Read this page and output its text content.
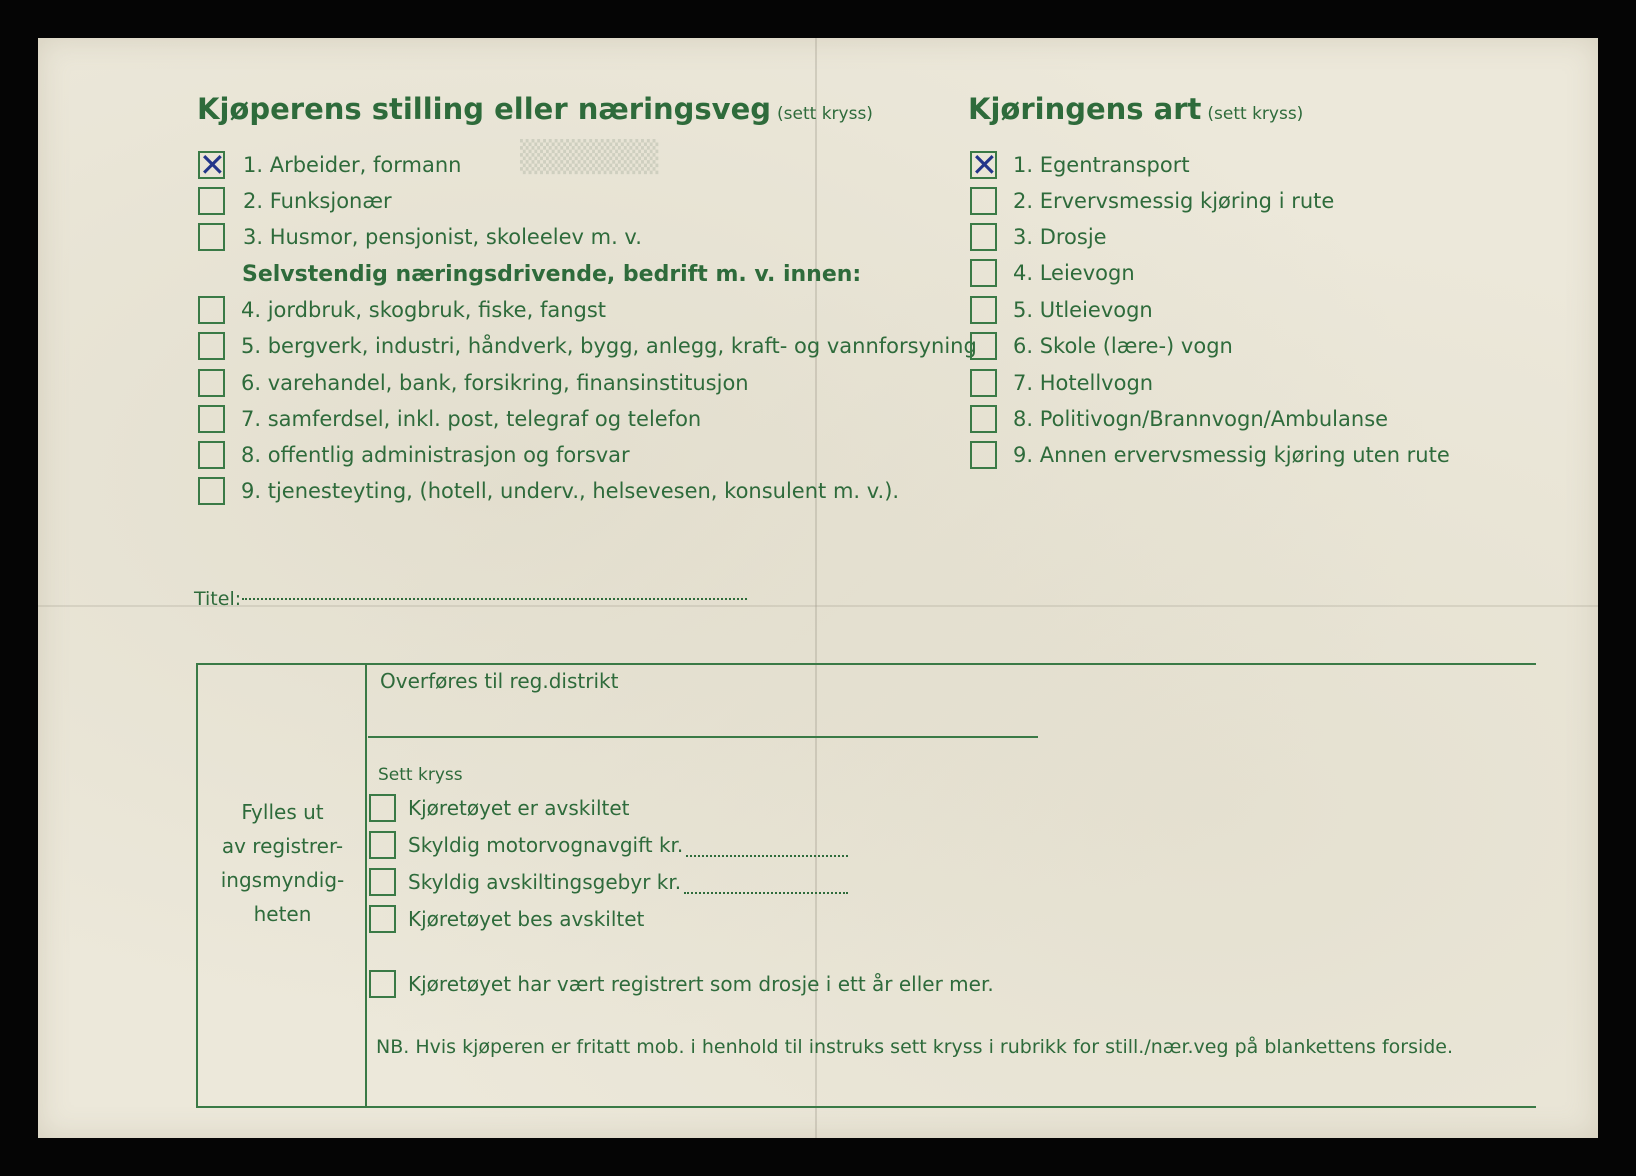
▒▒▒▒▒▒
Kjøperens stilling eller næringsveg (sett kryss)
✕ 1. Arbeider, formann
2. Funksjonær
3. Husmor, pensjonist, skoleelev m. v.
Selvstendig næringsdrivende, bedrift m. v. innen:
4. jordbruk, skogbruk, fiske, fangst
5. bergverk, industri, håndverk, bygg, anlegg, kraft- og vannforsyning
6. varehandel, bank, forsikring, finansinstitusjon
7. samferdsel, inkl. post, telegraf og telefon
8. offentlig administrasjon og forsvar
9. tjenesteyting, (hotell, underv., helsevesen, konsulent m. v.).
Kjøringens art (sett kryss)
✕ 1. Egentransport
2. Ervervsmessig kjøring i rute
3. Drosje
4. Leievogn
5. Utleievogn
6. Skole (lære-) vogn
7. Hotellvogn
8. Politivogn/Brannvogn/Ambulanse
9. Annen ervervsmessig kjøring uten rute
Titel:
Fylles ut
av registrer-
ingsmyndig-
heten
Overføres til reg.distrikt
Sett kryss
Kjøretøyet er avskiltet
Skyldig motorvognavgift kr.
Skyldig avskiltingsgebyr kr.
Kjøretøyet bes avskiltet
Kjøretøyet har vært registrert som drosje i ett år eller mer.
NB. Hvis kjøperen er fritatt mob. i henhold til instruks sett kryss i rubrikk for still./nær.veg på blankettens forside.
